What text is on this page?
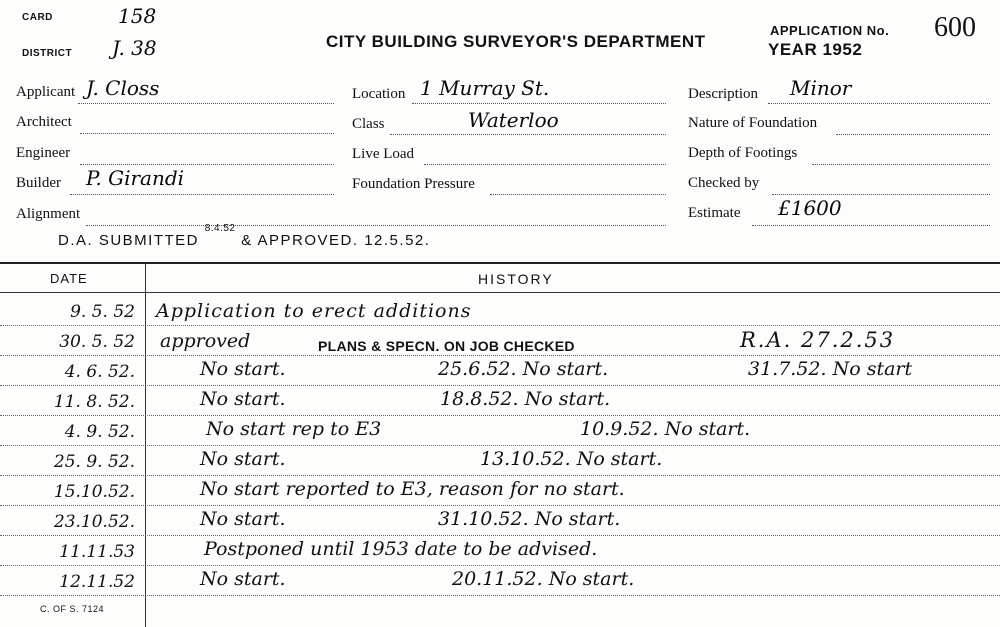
CARD	158
DISTRICT J. 38	CITY BUILDING SURVEYOR'S DEPARTMENT
APPLICATION No. 600
YEAR 1952
Applicant J. Closs
Architect
Engineer
Builder P. Girandi
Alignment
Location 1 Murray St.
Class	Waterloo
Live Load
Foundation Pressure
Description Minor
Nature of Foundation
Depth of Footings
Checked by
Estimate £1600
D.A. SUBMITTED $^{8.4.52}$ & APPROVED. 12.5.52.
DATE	HISTORY
9. 5. 52	Application to erect additions
30. 5. 52	approved	PLANS & SPECN. ON JOB CHECKED	R.A. 27.2.53
4. 6. 52.	No start.	25.6.52. No start.	31.7.52. No start
11. 8. 52.	No start.	18.8.52. No start.
4. 9. 52.	No start rep to E3	10.9.52. No start.
25. 9. 52.	No start.	13.10.52. No start.
15.10.52.	No start reported to E3, reason for no start.
23.10.52.	No start.	31.10.52. No start.
11.11.53	Postponed until 1953 date to be advised.
12.11.52	No start.	20.11.52. No start.
C. OF S. 7124
